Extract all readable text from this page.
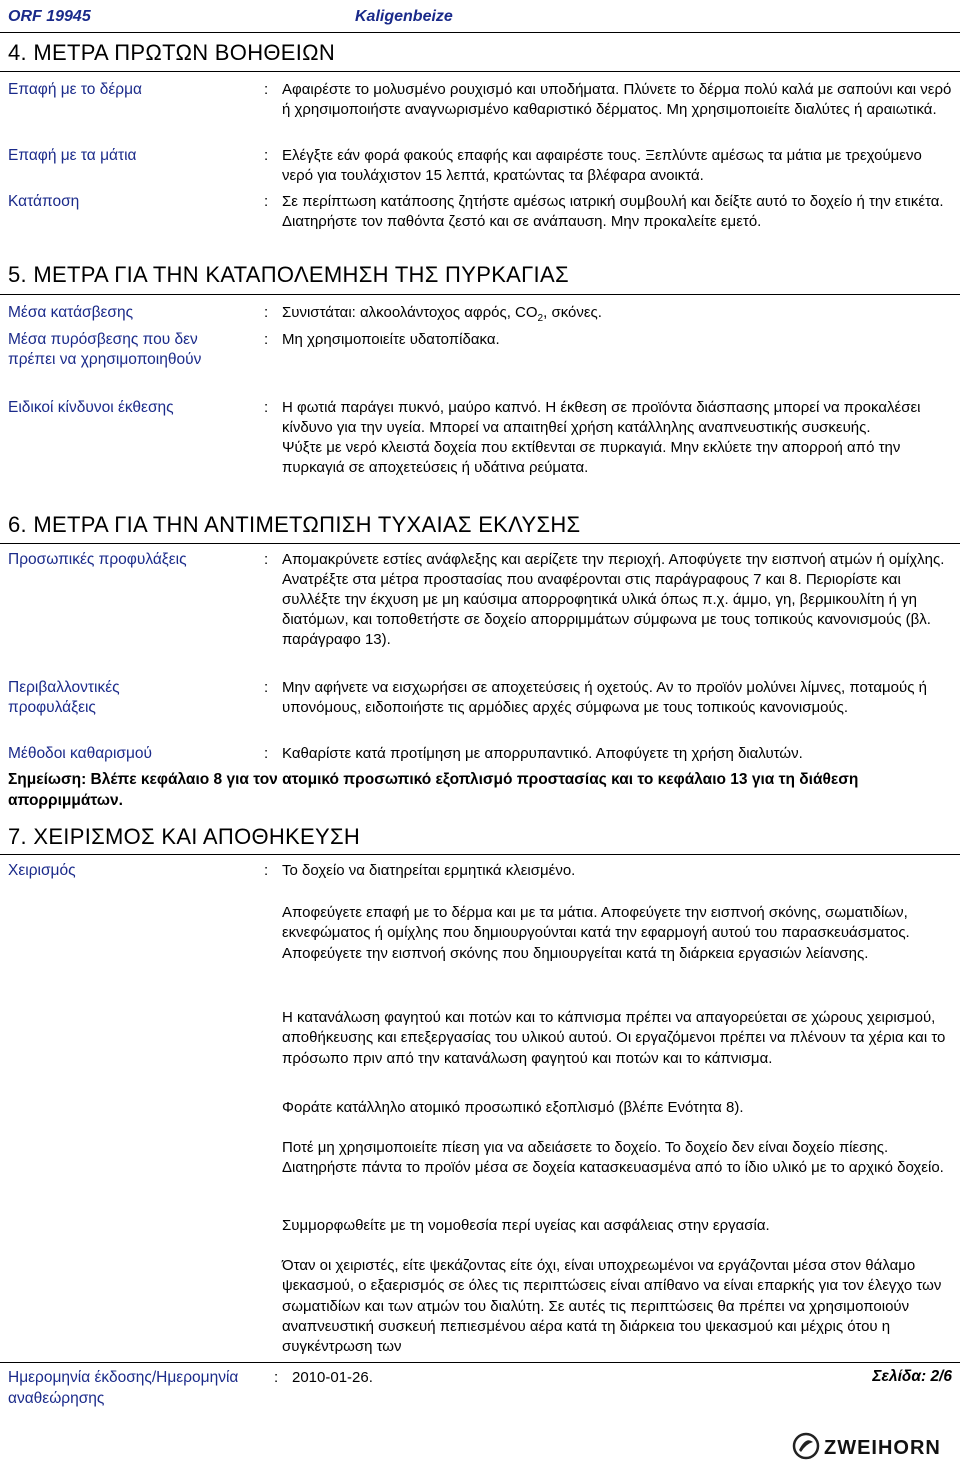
ORF 19945	Kaligenbeize
4. ΜΕΤΡΑ ΠΡΩΤΩΝ ΒΟΗΘΕΙΩΝ
Επαφή με το δέρμα	: Αφαιρέστε το μολυσμένο ρουχισμό και υποδήματα. Πλύνετε το δέρμα πολύ καλά με σαπούνι και νερό ή χρησιμοποιήστε αναγνωρισμένο καθαριστικό δέρματος. Μη χρησιμοποιείτε διαλύτες ή αραιωτικά.
Επαφή με τα μάτια	: Ελέγξτε εάν φορά φακούς επαφής και αφαιρέστε τους. Ξεπλύντε αμέσως τα μάτια με τρεχούμενο νερό για τουλάχιστον 15 λεπτά, κρατώντας τα βλέφαρα ανοικτά.
Κατάποση	: Σε περίπτωση κατάποσης ζητήστε αμέσως ιατρική συμβουλή και δείξτε αυτό το δοχείο ή την ετικέτα. Διατηρήστε τον παθόντα ζεστό και σε ανάπαυση. Μην προκαλείτε εμετό.
5. ΜΕΤΡΑ ΓΙΑ ΤΗΝ ΚΑΤΑΠΟΛΕΜΗΣΗ ΤΗΣ ΠΥΡΚΑΓΙΑΣ
Μέσα κατάσβεσης	: Συνιστάται: αλκοολάντοχος αφρός, $CO_2$, σκόνες.
Μέσα πυρόσβεσης που δεν πρέπει να χρησιμοποιηθούν
: Μη χρησιμοποιείτε υδατοπίδακα.
Ειδικοί κίνδυνοι έκθεσης	: Η φωτιά παράγει πυκνό, μαύρο καπνό. Η έκθεση σε προϊόντα διάσπασης μπορεί να προκαλέσει κίνδυνο για την υγεία. Μπορεί να απαιτηθεί χρήση κατάλληλης αναπνευστικής συσκευής.

Ψύξτε με νερό κλειστά δοχεία που εκτίθενται σε πυρκαγιά. Μην εκλύετε την απορροή από την πυρκαγιά σε αποχετεύσεις ή υδάτινα ρεύματα.

6. ΜΕΤΡΑ ΓΙΑ ΤΗΝ ΑΝΤΙΜΕΤΩΠΙΣΗ ΤΥΧΑΙΑΣ ΕΚΛΥΣΗΣ
Προσωπικές προφυλάξεις	: Απομακρύνετε εστίες ανάφλεξης και αερίζετε την περιοχή. Αποφύγετε την εισπνοή ατμών ή ομίχλης. Ανατρέξτε στα μέτρα προστασίας που αναφέρονται στις παράγραφους 7 και 8. Περιορίστε και συλλέξτε την έκχυση με μη καύσιμα απορροφητικά υλικά όπως π.χ. άμμο, γη, βερμικουλίτη ή γη διατόμων, και τοποθετήστε σε δοχείο απορριμμάτων σύμφωνα με τους τοπικούς κανονισμούς (βλ. παράγραφο 13).
Περιβαλλοντικές προφυλάξεις
: Μην αφήνετε να εισχωρήσει σε αποχετεύσεις ή οχετούς. Αν το προϊόν μολύνει λίμνες, ποταμούς ή υπονόμους, ειδοποιήστε τις αρμόδιες αρχές σύμφωνα με τους τοπικούς κανονισμούς.
Μέθοδοι καθαρισμού	: Καθαρίστε κατά προτίμηση με απορρυπαντικό. Αποφύγετε τη χρήση διαλυτών.
Σημείωση: Βλέπε κεφάλαιο 8 για τον ατομικό προσωπικό εξοπλισμό προστασίας και το κεφάλαιο 13 για τη διάθεση απορριμμάτων.
7. ΧΕΙΡΙΣΜΟΣ ΚΑΙ ΑΠΟΘΗΚΕΥΣΗ
Χειρισμός	: Το δοχείο να διατηρείται ερμητικά κλεισμένο.
Αποφεύγετε επαφή με το δέρμα και με τα μάτια. Αποφεύγετε την εισπνοή σκόνης, σωματιδίων, εκνεφώματος ή ομίχλης που δημιουργούνται κατά την εφαρμογή αυτού του παρασκευάσματος. Αποφεύγετε την εισπνοή σκόνης που δημιουργείται κατά τη διάρκεια εργασιών λείανσης.
Η κατανάλωση φαγητού και ποτών και το κάπνισμα πρέπει να απαγορεύεται σε χώρους χειρισμού, αποθήκευσης και επεξεργασίας του υλικού αυτού. Οι εργαζόμενοι πρέπει να πλένουν τα χέρια και το πρόσωπο πριν από την κατανάλωση φαγητού και ποτών και το κάπνισμα.
Φοράτε κατάλληλο ατομικό προσωπικό εξοπλισμό (βλέπε Ενότητα 8).
Ποτέ μη χρησιμοποιείτε πίεση για να αδειάσετε το δοχείο. Το δοχείο δεν είναι δοχείο πίεσης. Διατηρήστε πάντα το προϊόν μέσα σε δοχεία κατασκευασμένα από το ίδιο υλικό με το αρχικό δοχείο.
Συμμορφωθείτε με τη νομοθεσία περί υγείας και ασφάλειας στην εργασία.
Όταν οι χειριστές, είτε ψεκάζοντας είτε όχι, είναι υποχρεωμένοι να εργάζονται μέσα στον θάλαμο ψεκασμού, ο εξαερισμός σε όλες τις περιπτώσεις είναι απίθανο να είναι επαρκής για τον έλεγχο των σωματιδίων και των ατμών του διαλύτη. Σε αυτές τις περιπτώσεις θα πρέπει να χρησιμοποιούν αναπνευστική συσκευή πεπιεσμένου αέρα κατά τη διάρκεια του ψεκασμού και μέχρις ότου η συγκέντρωση των
Ημερομηνία έκδοσης/Ημερομηνία αναθεώρησης
: 2010-01-26.	Σελίδα: 2/6
ZWEIHORN
